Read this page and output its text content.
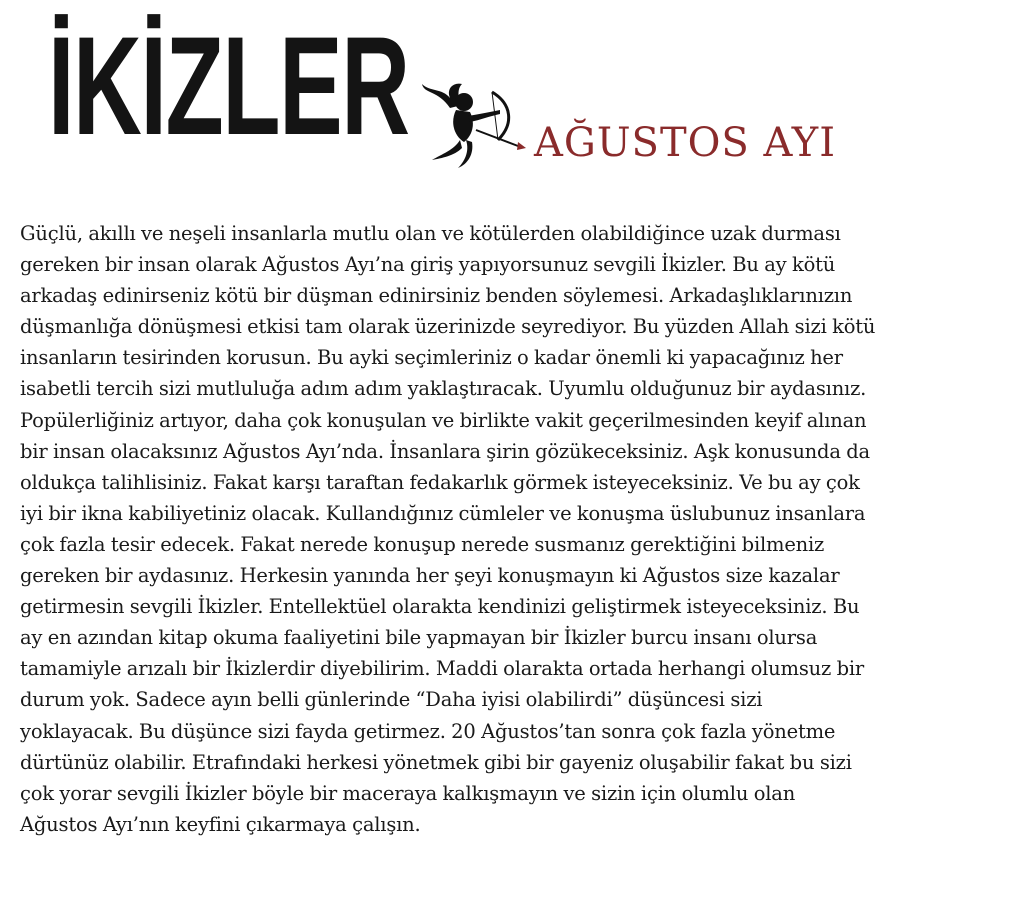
İKİZLER	AĞUSTOS AYI
Güçlü, akıllı ve neşeli insanlarla mutlu olan ve kötülerden olabildiğince uzak durması
gereken bir insan olarak Ağustos Ayı’na giriş yapıyorsunuz sevgili İkizler. Bu ay kötü
arkadaş edinirseniz kötü bir düşman edinirsiniz benden söylemesi. Arkadaşlıklarınızın
düşmanlığa dönüşmesi etkisi tam olarak üzerinizde seyrediyor. Bu yüzden Allah sizi kötü
insanların tesirinden korusun. Bu ayki seçimleriniz o kadar önemli ki yapacağınız her
isabetli tercih sizi mutluluğa adım adım yaklaştıracak. Uyumlu olduğunuz bir aydasınız.
Popülerliğiniz artıyor, daha çok konuşulan ve birlikte vakit geçerilmesinden keyif alınan
bir insan olacaksınız Ağustos Ayı’nda. İnsanlara şirin gözükeceksiniz. Aşk konusunda da
oldukça talihlisiniz. Fakat karşı taraftan fedakarlık görmek isteyeceksiniz. Ve bu ay çok
iyi bir ikna kabiliyetiniz olacak. Kullandığınız cümleler ve konuşma üslubunuz insanlara
çok fazla tesir edecek. Fakat nerede konuşup nerede susmanız gerektiğini bilmeniz
gereken bir aydasınız. Herkesin yanında her şeyi konuşmayın ki Ağustos size kazalar
getirmesin sevgili İkizler. Entellektüel olarakta kendinizi geliştirmek isteyeceksiniz. Bu
ay en azından kitap okuma faaliyetini bile yapmayan bir İkizler burcu insanı olursa
tamamiyle arızalı bir İkizlerdir diyebilirim. Maddi olarakta ortada herhangi olumsuz bir
durum yok. Sadece ayın belli günlerinde “Daha iyisi olabilirdi” düşüncesi sizi
yoklayacak. Bu düşünce sizi fayda getirmez. 20 Ağustos’tan sonra çok fazla yönetme
dürtünüz olabilir. Etrafındaki herkesi yönetmek gibi bir gayeniz oluşabilir fakat bu sizi
çok yorar sevgili İkizler böyle bir maceraya kalkışmayın ve sizin için olumlu olan
Ağustos Ayı’nın keyfini çıkarmaya çalışın.
